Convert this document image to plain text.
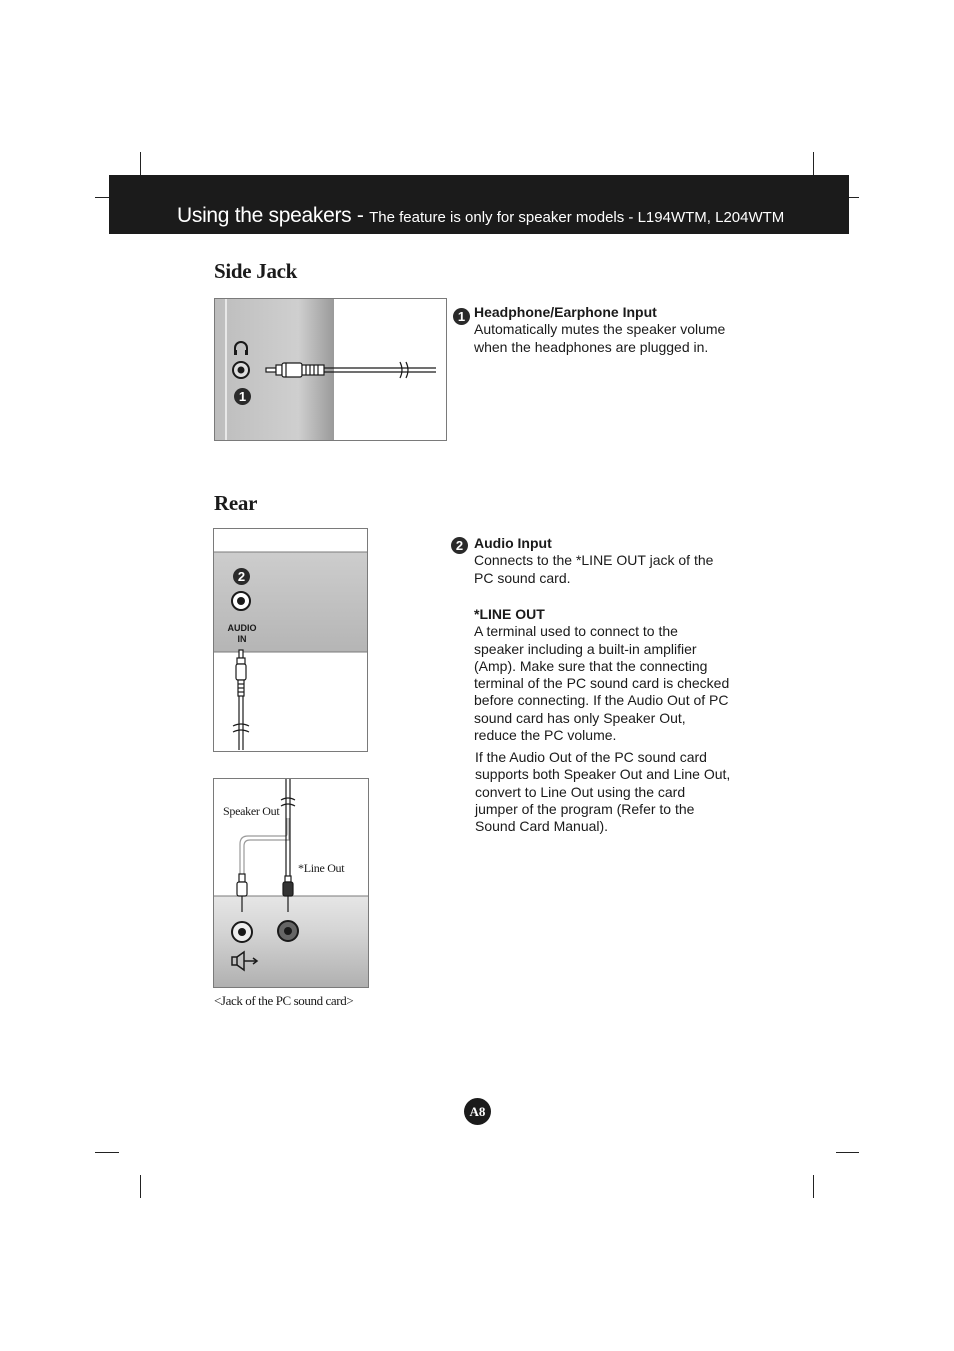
Using the speakers - The feature is only for speaker models - L194WTM, L204WTM
Side Jack
1
1 Headphone/Earphone Input
Automatically mutes the speaker volume
when the headphones are plugged in.
Rear
2
AUDIO
IN
Speaker Out
*Line Out
<Jack of the PC sound card>
2 Audio Input
Connects to the *LINE OUT jack of the
PC sound card.
*LINE OUT
A terminal used to connect to the
speaker including a built-in amplifier
(Amp). Make sure that the connecting
terminal of the PC sound card is checked
before connecting. If the Audio Out of PC
sound card has only Speaker Out,
reduce the PC volume.
If the Audio Out of the PC sound card
supports both Speaker Out and Line Out,
convert to Line Out using the card
jumper of the program (Refer to the
Sound Card Manual).
A8
